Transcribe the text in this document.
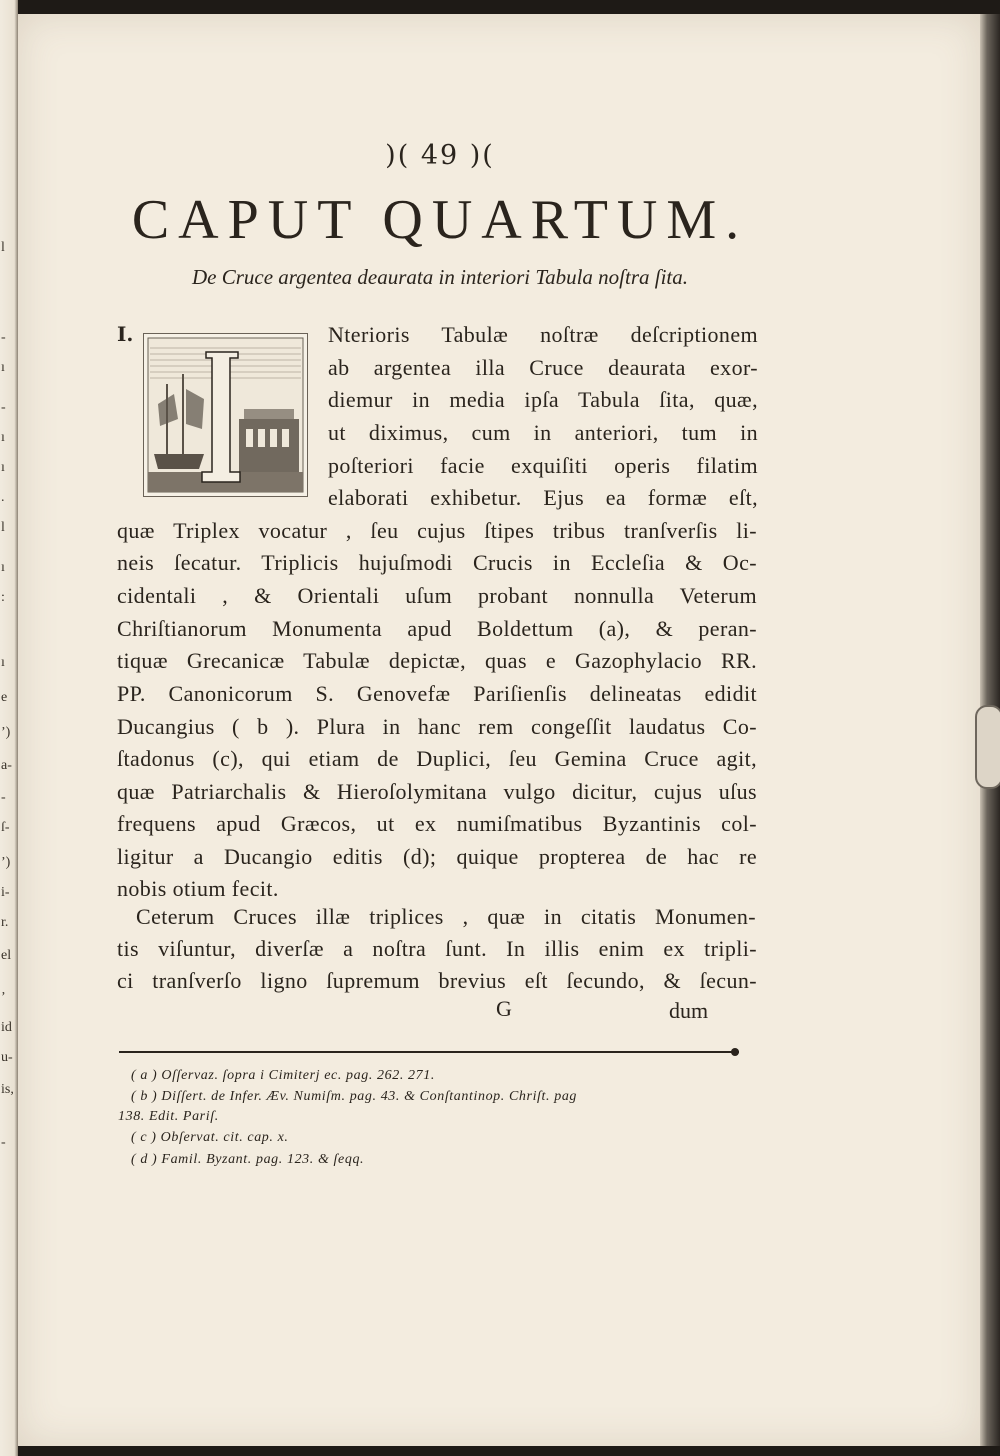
l
-
ı
-
ı
ı
.
l
ı
:
ı
e
ʼ)
a-
-
ſ-
ʼ)
i-
r.
el
ʼ
id
u-
is,
-
)( 49 )(
CAPUT QUARTUM.
De Cruce argentea deaurata in interiori Tabula noſtra ſita.
I.	Nterioris Tabulæ noſtræ deſcriptionem
ab argentea illa Cruce deaurata exor-
diemur in media ipſa Tabula ſita, quæ,
ut diximus, cum in anteriori, tum in
poſteriori facie exquiſiti operis filatim
elaborati exhibetur. Ejus ea formæ eſt,
quæ Triplex vocatur , ſeu cujus ſtipes tribus tranſverſis li-
neis ſecatur. Triplicis hujuſmodi Crucis in Eccleſia & Oc-
cidentali , & Orientali uſum probant nonnulla Veterum
Chriſtianorum Monumenta apud Boldettum (a), & peran-
tiquæ Grecanicæ Tabulæ depictæ, quas e Gazophylacio RR.
PP. Canonicorum S. Genovefæ Pariſienſis delineatas edidit
Ducangius ( b ). Plura in hanc rem congeſſit laudatus Co-
ſtadonus (c), qui etiam de Duplici, ſeu Gemina Cruce agit,
quæ Patriarchalis & Hieroſolymitana vulgo dicitur, cujus uſus
frequens apud Græcos, ut ex numiſmatibus Byzantinis col-
ligitur a Ducangio editis (d); quique propterea de hac re
nobis otium fecit.
Ceterum Cruces illæ triplices , quæ in citatis Monumen-
tis viſuntur, diverſæ a noſtra ſunt. In illis enim ex tripli-
ci tranſverſo ligno ſupremum brevius eſt ſecundo, & ſecun-
G	dum
( a ) Oſſervaz. ſopra i Cimiterj ec. pag. 262. 271.
( b ) Diſſert. de Infer. Æv. Numiſm. pag. 43. & Conſtantinop. Chriſt. pag
138. Edit. Pariſ.
( c ) Obſervat. cit. cap. x.
( d ) Famil. Byzant. pag. 123. & ſeqq.
